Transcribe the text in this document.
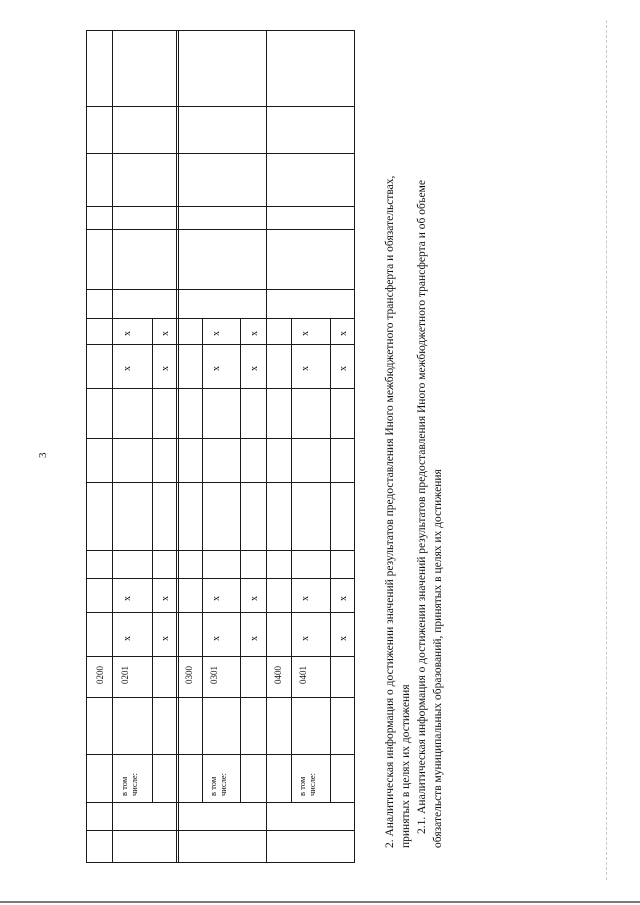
3
0200 0201
в том
числе:
x
x
x
x
x
x
x
x
0300 0301
в том
числе:
x
x
x
x
x
x
x
x
0400 0401
в том
числе:
x
x
x
x
x
x
x
x	2. Аналитическая информация о достижении значений результатов предоставления Иного межбюджетного трансферта и обязательствах, принятых в целях их достижения 2.1. Аналитическая информация о достижении значений результатов предоставления Иного межбюджетного трансферта и об объеме обязательств муниципальных образований, принятых в целях их достижения
